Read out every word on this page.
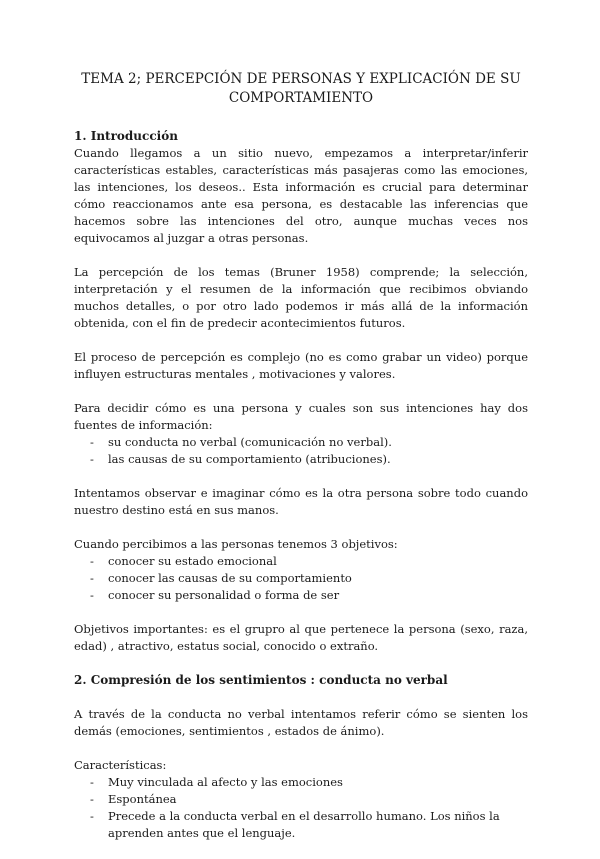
TEMA 2; PERCEPCIÓN DE PERSONAS Y EXPLICACIÓN DE SU COMPORTAMIENTO

1. Introducción

Cuando llegamos a un sitio nuevo, empezamos a interpretar/inferir características estables, características más pasajeras como las emociones, las intenciones, los deseos.. Esta información es crucial para determinar cómo reaccionamos ante esa persona, es destacable las inferencias que hacemos sobre las intenciones del otro, aunque muchas veces nos equivocamos al juzgar a otras personas.

La percepción de los temas (Bruner 1958) comprende; la selección, interpretación y el resumen de la información que recibimos obviando muchos detalles, o por otro lado podemos ir más allá de la información obtenida, con el fin de predecir acontecimientos futuros.

El proceso de percepción es complejo (no es como grabar un video) porque influyen estructuras mentales , motivaciones y valores.

Para decidir cómo es una persona y cuales son sus intenciones hay dos fuentes de información:

- su conducta no verbal (comunicación no verbal).
- las causas de su comportamiento (atribuciones).

Intentamos observar e imaginar cómo es la otra persona sobre todo cuando nuestro destino está en sus manos.

Cuando percibimos a las personas tenemos 3 objetivos:

- conocer su estado emocional
- conocer las causas de su comportamiento
- conocer su personalidad o forma de ser

Objetivos importantes: es el grupro al que pertenece la persona (sexo, raza, edad) , atractivo, estatus social, conocido o extraño.

2. Compresión de los sentimientos : conducta no verbal

A través de la conducta no verbal intentamos referir cómo se sienten los demás (emociones, sentimientos , estados de ánimo).

Características:

- Muy vinculada al afecto y las emociones
- Espontánea
- Precede a la conducta verbal en el desarrollo humano. Los niños la aprenden antes que el lenguaje.
